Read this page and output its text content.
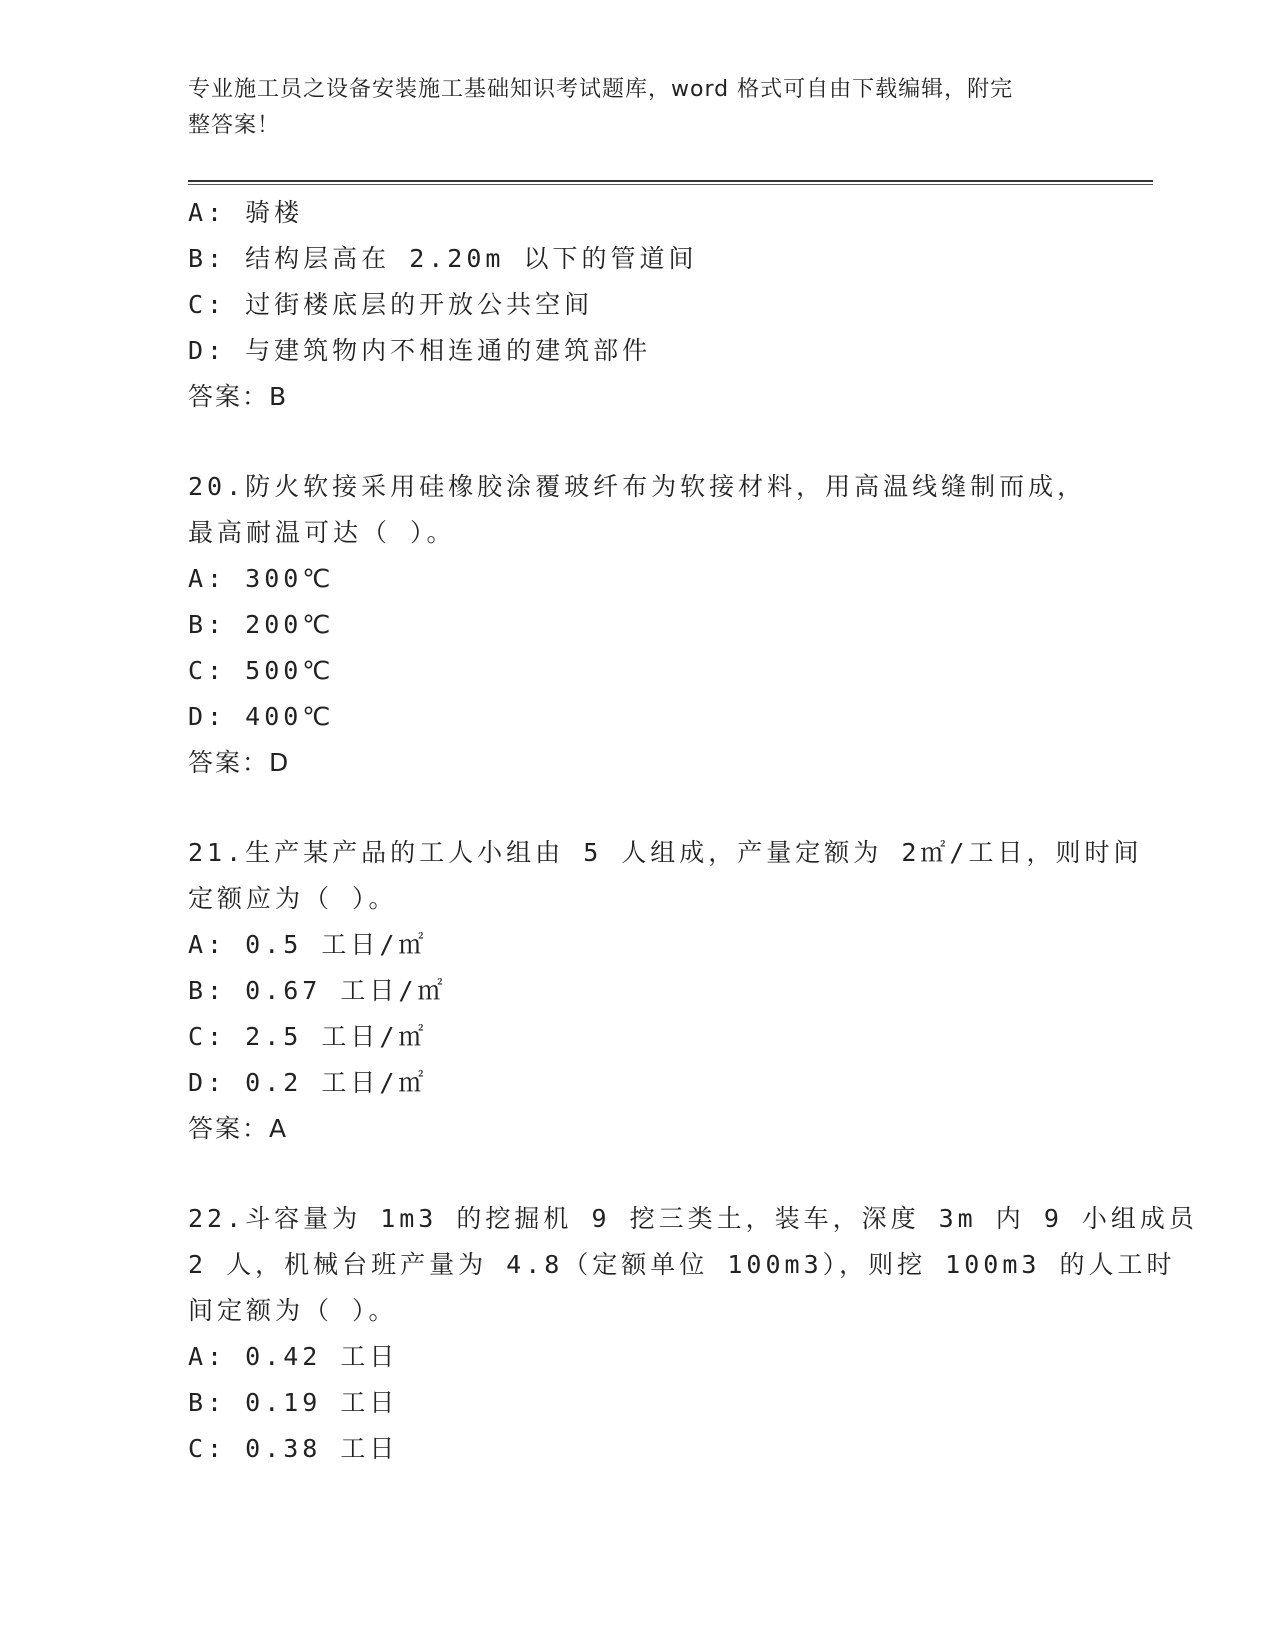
专业施工员之设备安装施工基础知识考试题库，word 格式可自由下载编辑，附完
整答案！
A: 骑楼
B: 结构层高在 2.20m 以下的管道间
C: 过街楼底层的开放公共空间
D: 与建筑物内不相连通的建筑部件
答案：B
20.防火软接采用硅橡胶涂覆玻纤布为软接材料，用高温线缝制而成，
最高耐温可达（ ）。
A: 300℃
B: 200℃
C: 500℃
D: 400℃
答案：D
21.生产某产品的工人小组由 5 人组成，产量定额为 2㎡/工日，则时间
定额应为（ ）。
A: 0.5 工日/㎡
B: 0.67 工日/㎡
C: 2.5 工日/㎡
D: 0.2 工日/㎡
答案：A
22.斗容量为 1m3 的挖掘机 9 挖三类土，装车，深度 3m 内 9 小组成员
2 人，机械台班产量为 4.8（定额单位 100m3），则挖 100m3 的人工时
间定额为（ ）。
A: 0.42 工日
B: 0.19 工日
C: 0.38 工日
